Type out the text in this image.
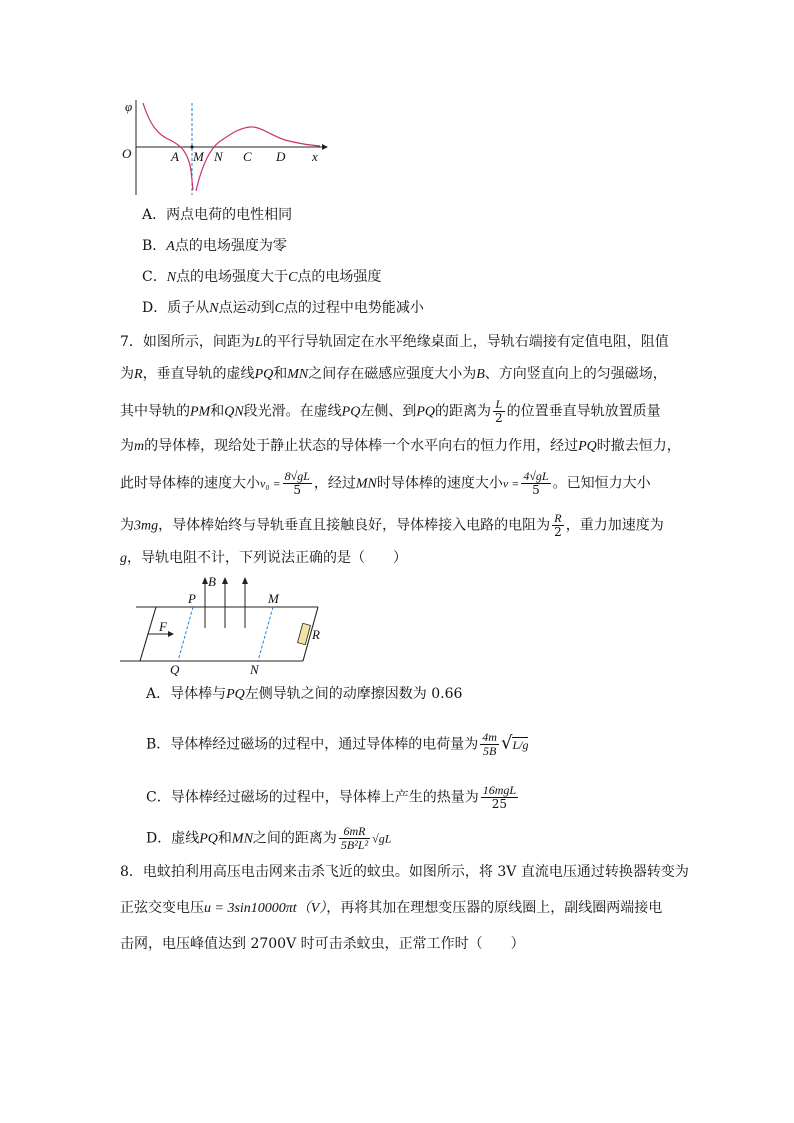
φ
O	A M N C D x
A．两点电荷的电性相同
B．A点的电场强度为零
C．N点的电场强度大于C点的电场强度
D．质子从N点运动到C点的过程中电势能减小
7．如图所示，间距为L的平行导轨固定在水平绝缘桌面上，导轨右端接有定值电阻，阻值
为R，垂直导轨的虚线PQ和MN之间存在磁感应强度大小为B、方向竖直向上的匀强磁场，
其中导轨的PM和QN段光滑。在虚线PQ左侧、到PQ的距离为 $\frac{L}{2}$ 的位置垂直导轨放置质量
为m的导体棒，现给处于静止状态的导体棒一个水平向右的恒力作用，经过PQ时撤去恒力，
此时导体棒的速度大小$v_0 = \frac{8√gL}{5}$ ，经过MN时导体棒的速度大小$v = \frac{4√gL}{5}$ 。已知恒力大小
为3mg，导体棒始终与导轨垂直且接触良好，导体棒接入电路的电阻为 $\frac{R}{2}$ ，重力加速度为
g，导轨电阻不计，下列说法正确的是（　　）
B
P	M
F
R
Q	N
A．导体棒与PQ左侧导轨之间的动摩擦因数为 0.66
B．导体棒经过磁场的过程中，通过导体棒的电荷量为 $\frac{4m}{5B} √L/g$
C．导体棒经过磁场的过程中，导体棒上产生的热量为 $\frac{\text{16mgL}}{25}$
D．虚线PQ和MN之间的距离为 $\frac{6mR}{\text{5B²L²}} √gL$
8．电蚊拍利用高压电击网来击杀飞近的蚊虫。如图所示，将 3V 直流电压通过转换器转变为
正弦交变电压u = 3sin10000πt（V），再将其加在理想变压器的原线圈上，副线圈两端接电
击网，电压峰值达到 2700V 时可击杀蚊虫，正常工作时（　　）
